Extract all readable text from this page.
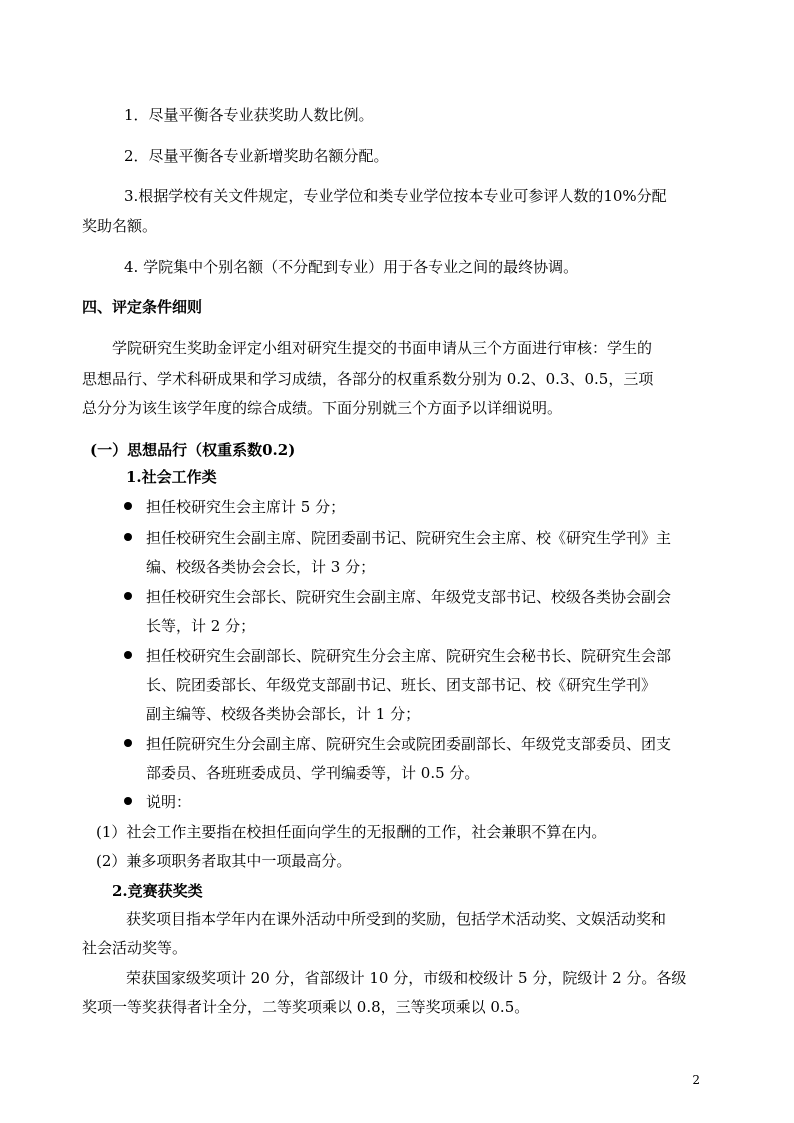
1．尽量平衡各专业获奖助人数比例。
2．尽量平衡各专业新增奖助名额分配。
3.根据学校有关文件规定，专业学位和类专业学位按本专业可参评人数的10%分配
奖助名额。
4. 学院集中个别名额（不分配到专业）用于各专业之间的最终协调。
四、评定条件细则
学院研究生奖助金评定小组对研究生提交的书面申请从三个方面进行审核：学生的
思想品行、学术科研成果和学习成绩，各部分的权重系数分别为 0.2、0.3、0.5，三项
总分分为该生该学年度的综合成绩。下面分别就三个方面予以详细说明。
(一）思想品行（权重系数0.2)
1.社会工作类
担任校研究生会主席计 5 分；
担任校研究生会副主席、院团委副书记、院研究生会主席、校《研究生学刊》主
编、校级各类协会会长，计 3 分；
担任校研究生会部长、院研究生会副主席、年级党支部书记、校级各类协会副会
长等，计 2 分；
担任校研究生会副部长、院研究生分会主席、院研究生会秘书长、院研究生会部
长、院团委部长、年级党支部副书记、班长、团支部书记、校《研究生学刊》
副主编等、校级各类协会部长，计 1 分；
担任院研究生分会副主席、院研究生会或院团委副部长、年级党支部委员、团支
部委员、各班班委成员、学刊编委等，计 0.5 分。
说明：
(1）社会工作主要指在校担任面向学生的无报酬的工作，社会兼职不算在内。
(2）兼多项职务者取其中一项最高分。
2.竞赛获奖类
获奖项目指本学年内在课外活动中所受到的奖励，包括学术活动奖、文娱活动奖和
社会活动奖等。
荣获国家级奖项计 20 分，省部级计 10 分，市级和校级计 5 分，院级计 2 分。各级
奖项一等奖获得者计全分，二等奖项乘以 0.8，三等奖项乘以 0.5。
2
